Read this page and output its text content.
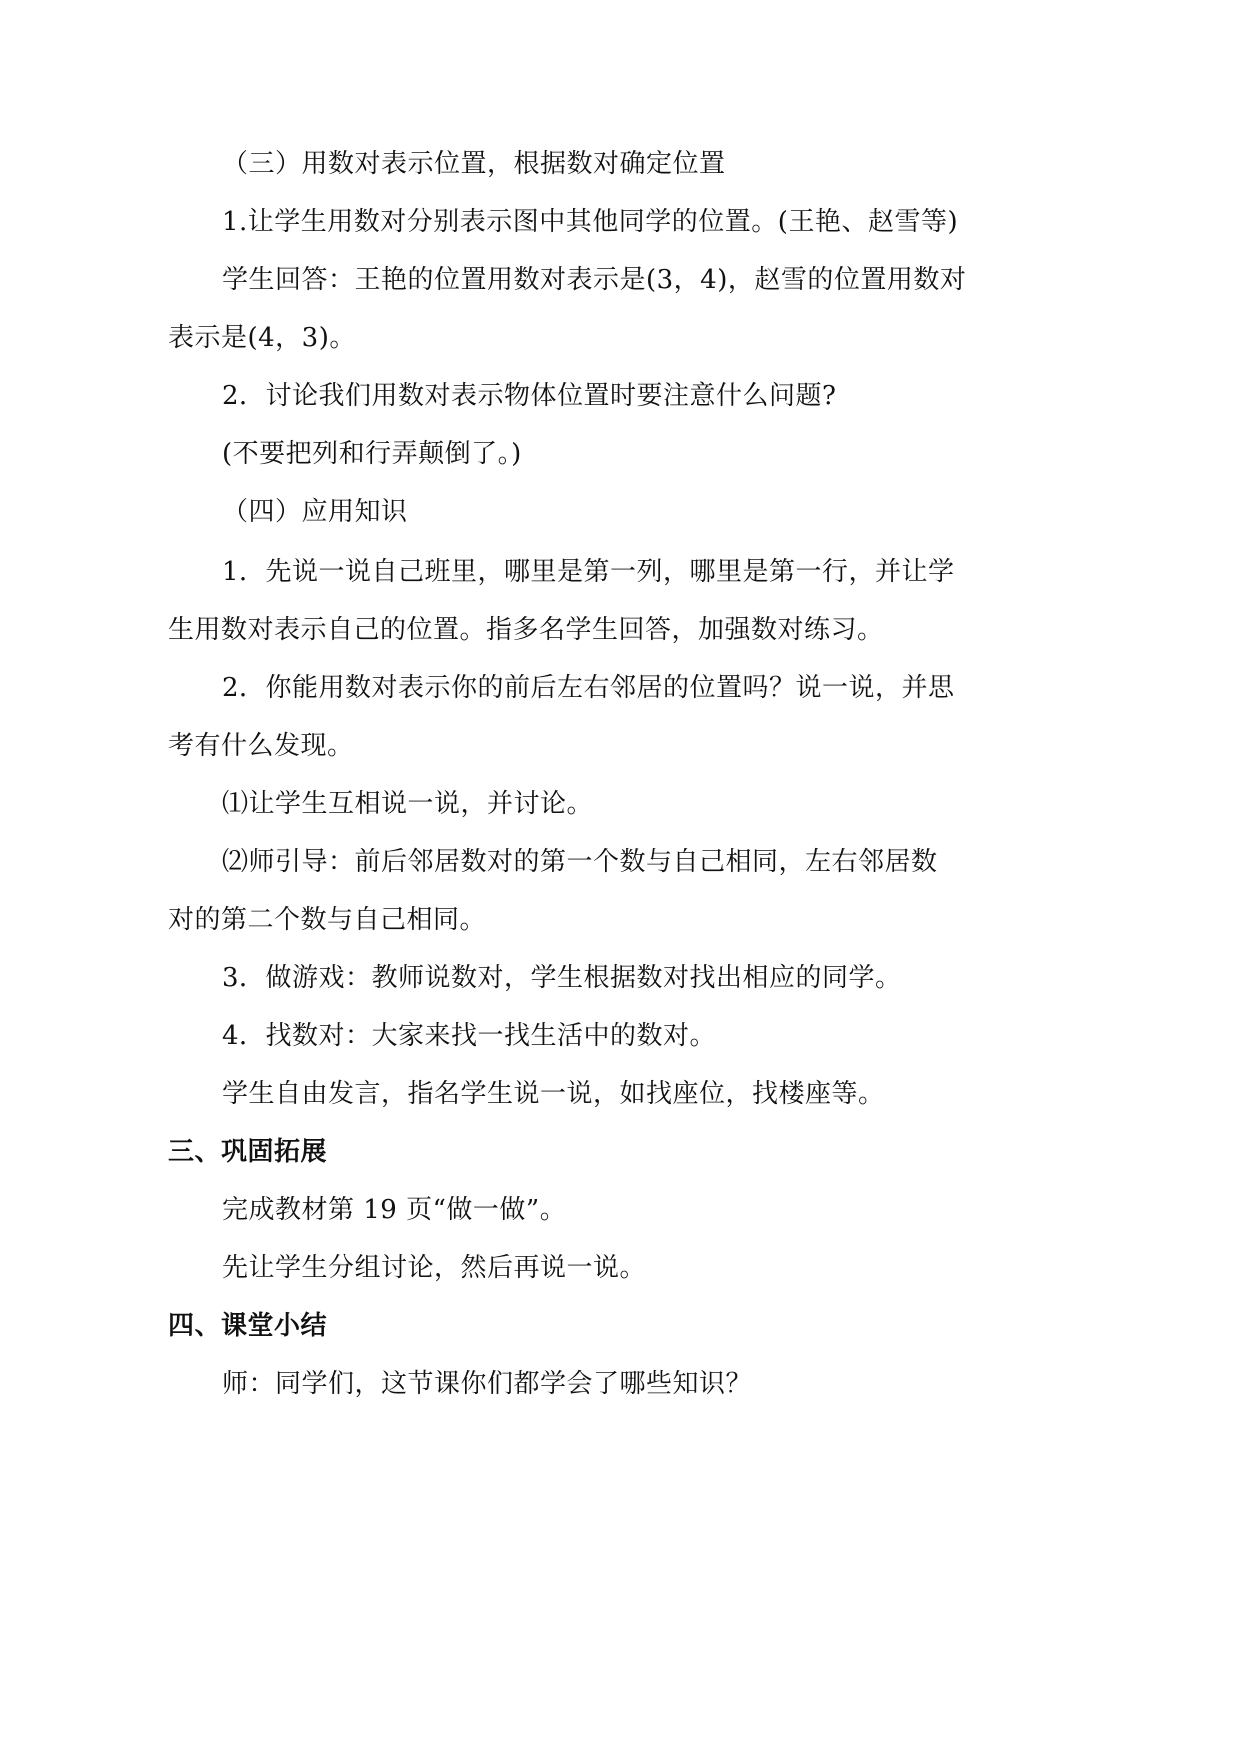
（三）用数对表示位置，根据数对确定位置
1.让学生用数对分别表示图中其他同学的位置。(王艳、赵雪等)
学生回答：王艳的位置用数对表示是(3，4)，赵雪的位置用数对
表示是(4，3)。
2．讨论我们用数对表示物体位置时要注意什么问题?
(不要把列和行弄颠倒了。)
（四）应用知识
1．先说一说自己班里，哪里是第一列，哪里是第一行，并让学
生用数对表示自己的位置。指多名学生回答，加强数对练习。
2．你能用数对表示你的前后左右邻居的位置吗？说一说，并思
考有什么发现。
⑴让学生互相说一说，并讨论。
⑵师引导：前后邻居数对的第一个数与自己相同，左右邻居数
对的第二个数与自己相同。
3．做游戏：教师说数对，学生根据数对找出相应的同学。
4．找数对：大家来找一找生活中的数对。
学生自由发言，指名学生说一说，如找座位，找楼座等。
三、巩固拓展
完成教材第 19 页“做一做”。
先让学生分组讨论，然后再说一说。
四、课堂小结
师：同学们，这节课你们都学会了哪些知识？
